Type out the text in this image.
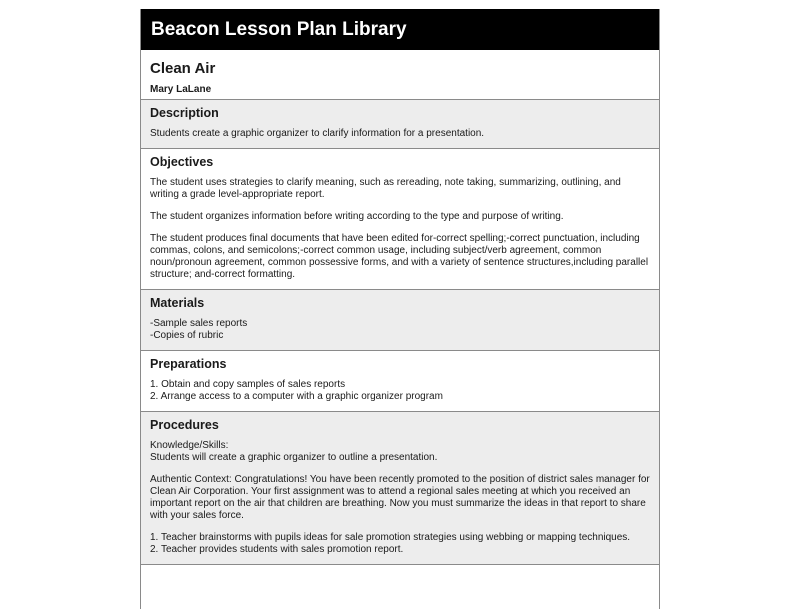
Beacon Lesson Plan Library
Clean Air
Mary LaLane
Description

Students create a graphic organizer to clarify information for a presentation.

Objectives

The student uses strategies to clarify meaning, such as rereading, note taking, summarizing, outlining, and writing a grade level-appropriate report.

The student organizes information before writing according to the type and purpose of writing.

The student produces final documents that have been edited for-correct spelling;-correct punctuation, including commas, colons, and semicolons;-correct common usage, including subject/verb agreement, common noun/pronoun agreement, common possessive forms, and with a variety of sentence structures,including parallel structure; and-correct formatting.

Materials
-Sample sales reports
-Copies of rubric
Preparations
1. Obtain and copy samples of sales reports
2. Arrange access to a computer with a graphic organizer program
Procedures

Knowledge/Skills:
Students will create a graphic organizer to outline a presentation.

Authentic Context: Congratulations! You have been recently promoted to the position of district sales manager for Clean Air Corporation. Your first assignment was to attend a regional sales meeting at which you received an important report on the air that children are breathing. Now you must summarize the ideas in that report to share with your sales force.

1. Teacher brainstorms with pupils ideas for sale promotion strategies using webbing or mapping techniques.
2. Teacher provides students with sales promotion report.
